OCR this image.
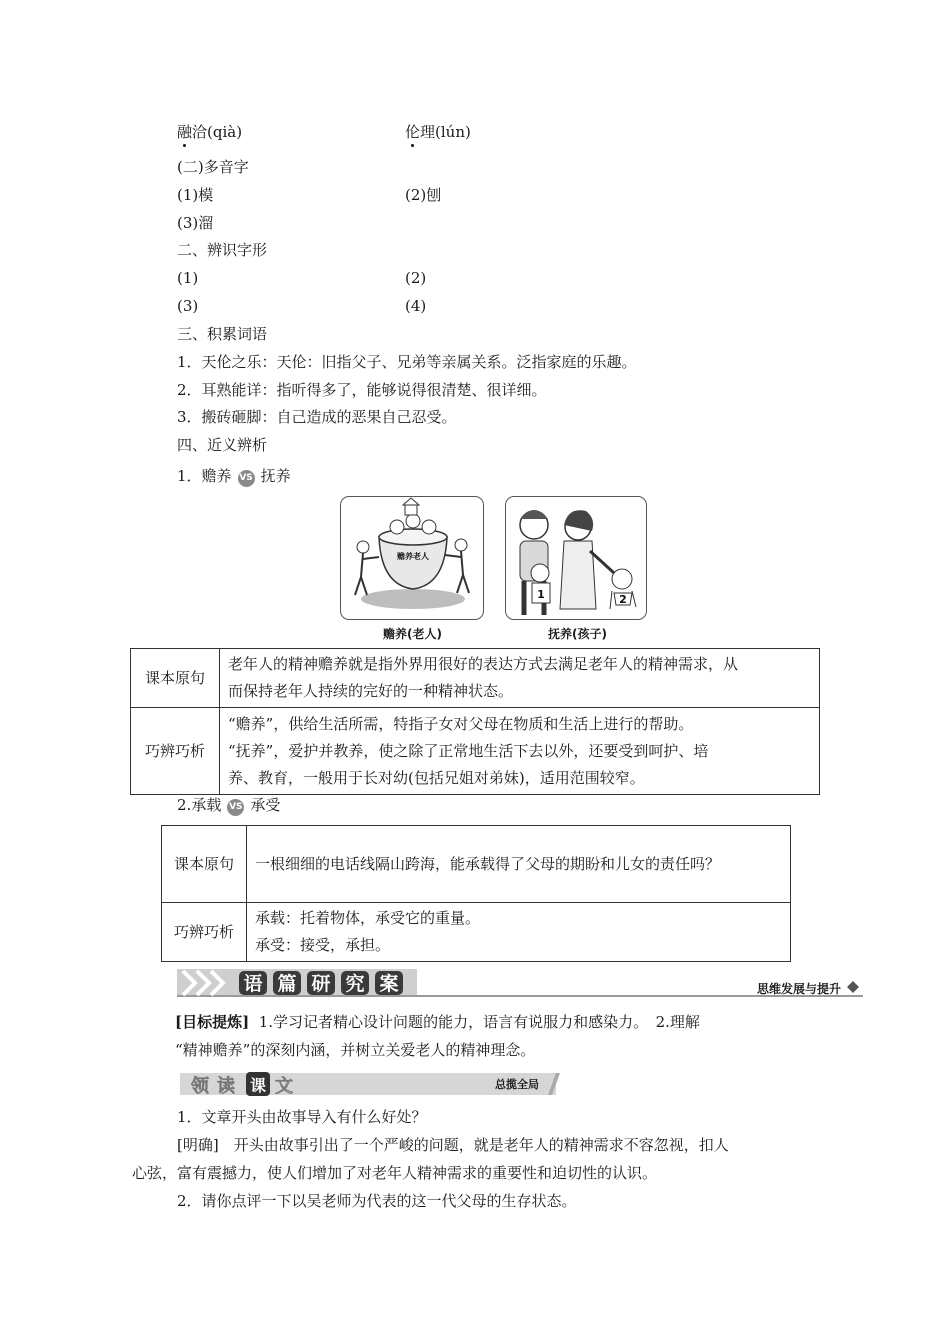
融洽(qià)	伦理(lún)
(二)多音字
(1)模	(2)刨
(3)溜
二、辨识字形
(1)	(2)
(3)	(4)
三、积累词语
1．天伦之乐：天伦：旧指父子、兄弟等亲属关系。泛指家庭的乐趣。
2．耳熟能详：指听得多了，能够说得很清楚、很详细。
3．搬砖砸脚：自己造成的恶果自己忍受。
四、近义辨析
1．赡养 VS 抚养
赡养老人
赡养(老人)
1	2
抚养(孩子)
课本原句	老年人的精神赡养就是指外界用很好的表达方式去满足老年人的精神需求，从
而保持老年人持续的完好的一种精神状态。

巧辨巧析	“赡养”，供给生活所需，特指子女对父母在物质和生活上进行的帮助。
“抚养”，爱护并教养，使之除了正常地生活下去以外，还要受到呵护、培
养、教育，一般用于长对幼(包括兄姐对弟妹)，适用范围较窄。
2.承载 VS 承受
课本原句	一根细细的电话线隔山跨海，能承载得了父母的期盼和儿女的责任吗？
巧辨巧析	承载：托着物体，承受它的重量。
承受：接受，承担。
语 篇 研 究 案	思维发展与提升
[目标提炼] 1.学习记者精心设计问题的能力，语言有说服力和感染力。　2.理解
“精神赡养”的深刻内涵，并树立关爱老人的精神理念。
领 读 课 文	总揽全局
1．文章开头由故事导入有什么好处？
[明确]　开头由故事引出了一个严峻的问题，就是老年人的精神需求不容忽视，扣人
心弦，富有震撼力，使人们增加了对老年人精神需求的重要性和迫切性的认识。
2．请你点评一下以吴老师为代表的这一代父母的生存状态。
